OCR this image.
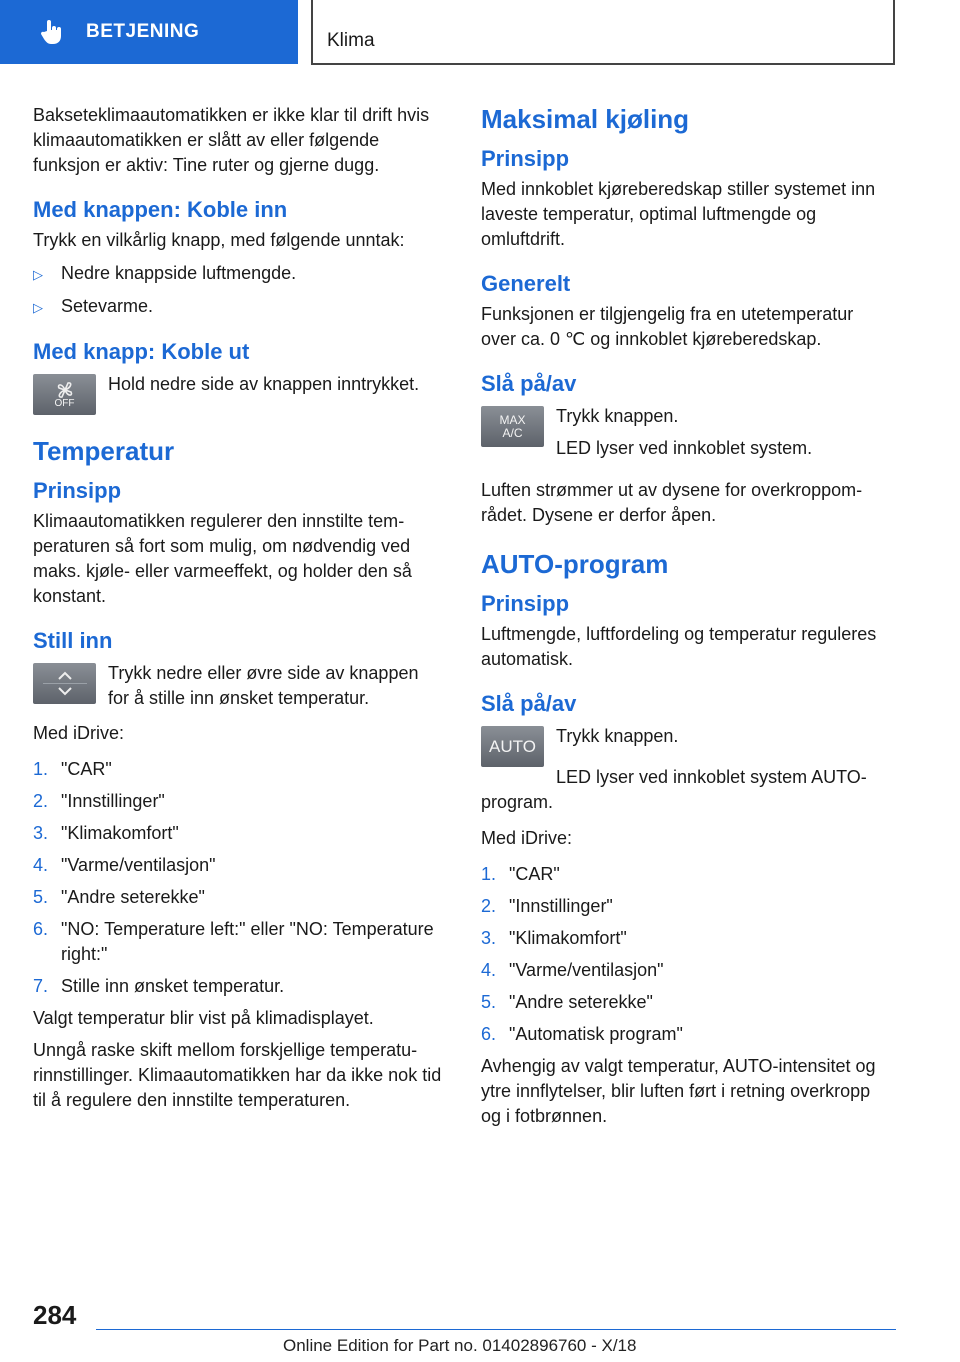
BETJENING	Klima
Bakseteklimaautomatikken er ikke klar til drift hvis klimaautomatikken er slått av eller følgende funksjon er aktiv: Tine ruter og gjerne dugg.
Med knappen: Koble inn
Trykk en vilkårlig knapp, med følgende unntak:
▷	Nedre knappside luftmengde.
▷	Setevarme.
Med knapp: Koble ut
OFF
Hold nedre side av knappen inntrykket.
Temperatur
Prinsipp
Klimaautomatikken regulerer den innstilte temperaturen så fort som mulig, om nødvendig ved maks. kjøle- eller varmeeffekt, og holder den så konstant.
Still inn
Trykk nedre eller øvre side av knappen for å stille inn ønsket temperatur.
Med iDrive:
1. "CAR"
2. "Innstillinger"
3. "Klimakomfort"
4. "Varme/ventilasjon"
5. "Andre seterekke"
6. "NO: Temperature left:" eller "NO: Temperature right:"
7. Stille inn ønsket temperatur.
Valgt temperatur blir vist på klimadisplayet.
Unngå raske skift mellom forskjellige temperaturinnstillinger. Klimaautomatikken har da ikke nok tid til å regulere den innstilte temperaturen.
Maksimal kjøling
Prinsipp
Med innkoblet kjøreberedskap stiller systemet inn laveste temperatur, optimal luftmengde og omluftdrift.
Generelt
Funksjonen er tilgjengelig fra en utetemperatur over ca. 0 ℃ og innkoblet kjøreberedskap.
Slå på/av
MAX
A/C
Trykk knappen.
LED lyser ved innkoblet system.
Luften strømmer ut av dysene for overkroppområdet. Dysene er derfor åpen.
AUTO-program
Prinsipp
Luftmengde, luftfordeling og temperatur reguleres automatisk.
Slå på/av
AUTO Trykk knappen.
LED lyser ved innkoblet system AUTO-program.
Med iDrive:
1. "CAR"
2. "Innstillinger"
3. "Klimakomfort"
4. "Varme/ventilasjon"
5. "Andre seterekke"
6. "Automatisk program"
Avhengig av valgt temperatur, AUTO-intensitet og ytre innflytelser, blir luften ført i retning overkropp og i fotbrønnen.
284
Online Edition for Part no. 01402896760 - X/18
